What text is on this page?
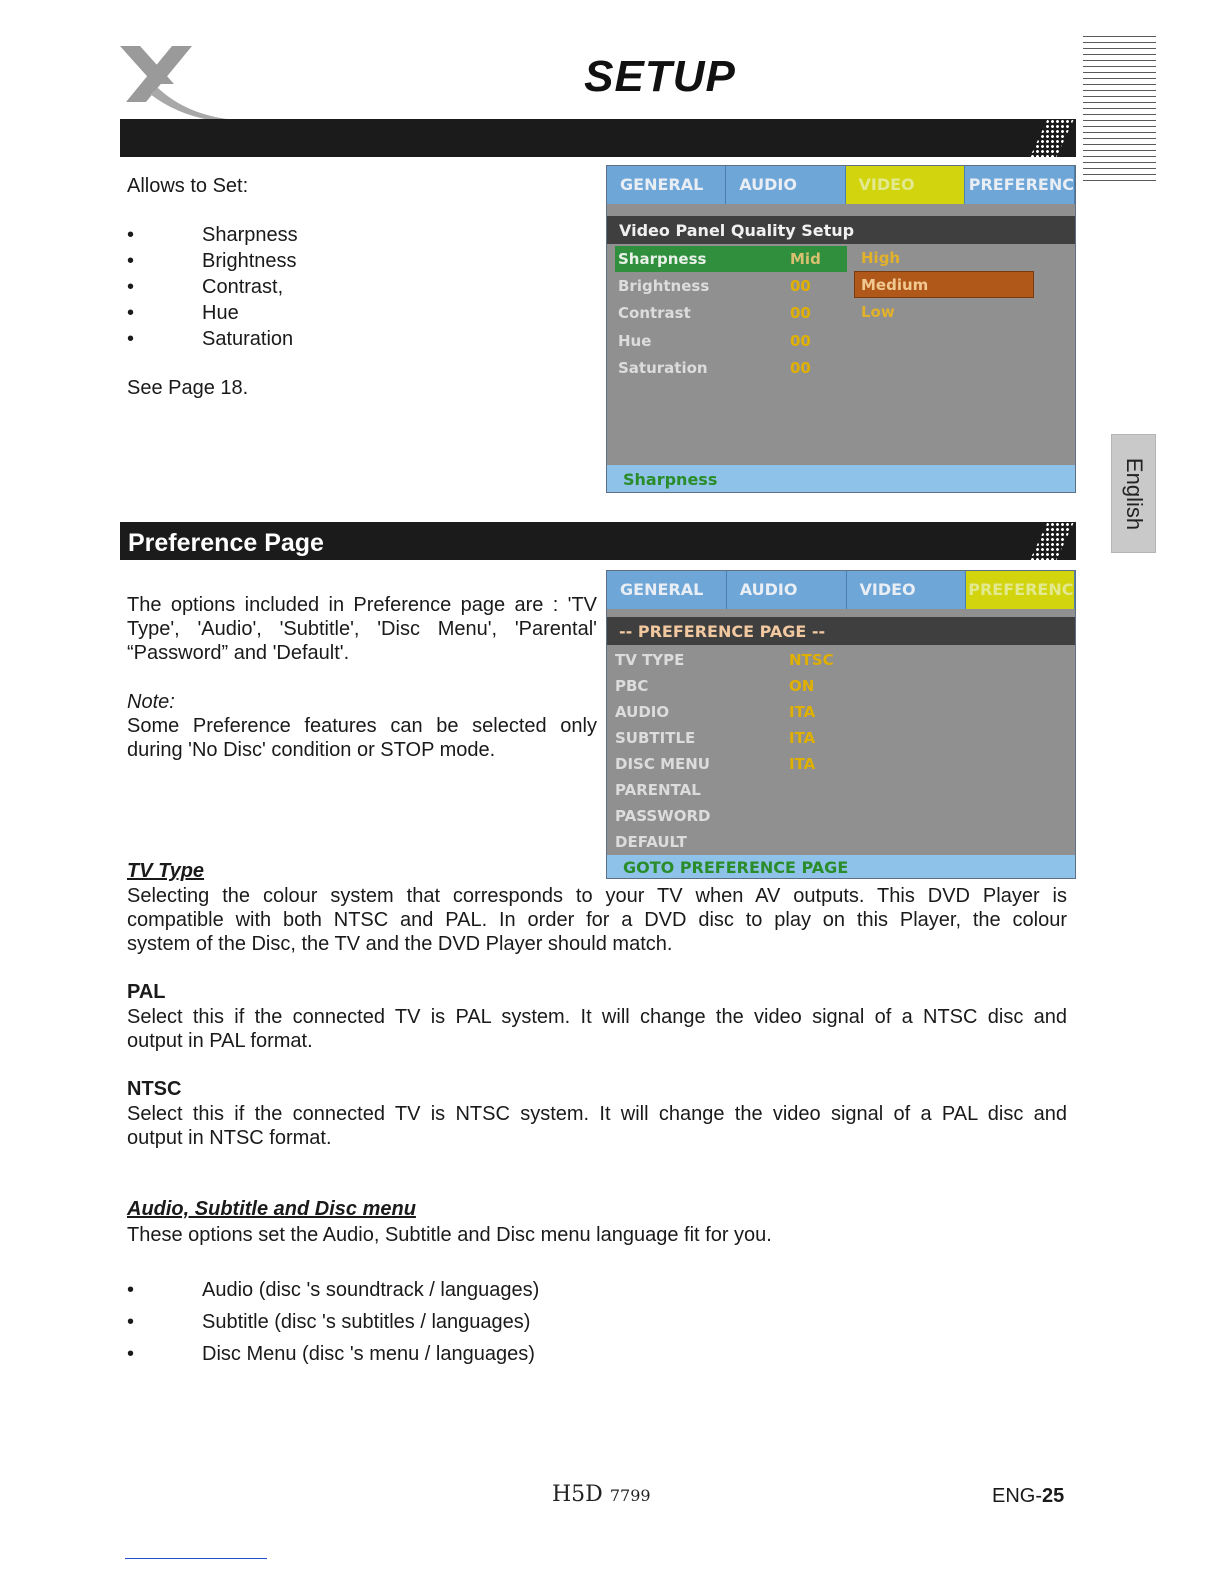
SETUP
English
Allows to Set:
•	Sharpness
•	Brightness
•	Contrast,
•	Hue
•	Saturation
See Page 18.
GENERAL	AUDIO	VIDEO	PREFERENC
Video Panel Quality Setup
Sharpness	Mid
Brightness	00
Contrast	00
Hue	00
Saturation	00
High
Medium
Low
Sharpness
Preference Page
The options included in Preference page are : 'TV
Type', 'Audio', 'Subtitle', 'Disc Menu', 'Parental'
“Password” and 'Default'.
Note:
Some Preference features can be selected only
during 'No Disc' condition or STOP mode.
GENERAL	AUDIO	VIDEO	PREFERENC
-- PREFERENCE PAGE --
TV TYPE	NTSC
PBC	ON
AUDIO	ITA
SUBTITLE	ITA
DISC MENU	ITA
PARENTAL
PASSWORD
DEFAULT
GOTO PREFERENCE PAGE
TV Type
Selecting the colour system that corresponds to your TV when AV outputs. This DVD Player is
compatible with both NTSC and PAL. In order for a DVD disc to play on this Player, the colour
system of the Disc, the TV and the DVD Player should match.
PAL
Select this if the connected TV is PAL system. It will change the video signal of a NTSC disc and
output in PAL format.
NTSC
Select this if the connected TV is NTSC system. It will change the video signal of a PAL disc and
output in NTSC format.
Audio, Subtitle and Disc menu
These options set the Audio, Subtitle and Disc menu language fit for you.
•	Audio (disc 's soundtrack / languages)
•	Subtitle (disc 's subtitles / languages)
•	Disc Menu (disc 's menu / languages)
H5D 7799	ENG-25
